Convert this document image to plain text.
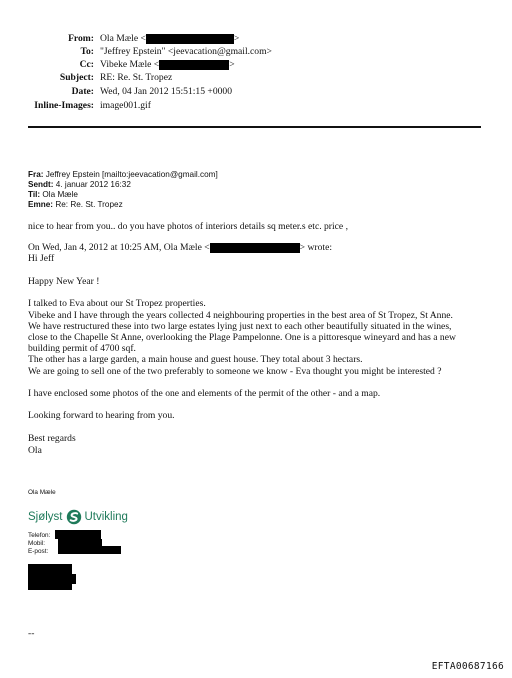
From: Ola Mæle <	>
To: "Jeffrey Epstein" <jeevacation@gmail.com>
Cc: Vibeke Mæle <	>
Subject: RE: Re. St. Tropez
Date: Wed, 04 Jan 2012 15:51:15 +0000
Inline-Images: image001.gif
Fra: Jeffrey Epstein [mailto:jeevacation@gmail.com]
Sendt: 4. januar 2012 16:32
Til: Ola Mæle
Emne: Re: Re. St. Tropez
nice to hear from you.. do you have photos of interiors details sq meter.s etc. price ,
On Wed, Jan 4, 2012 at 10:25 AM, Ola Mæle <	> wrote:
Hi Jeff
Happy New Year !
I talked to Eva about our St Tropez properties.
Vibeke and I have through the years collected 4 neighbouring properties in the best area of St Tropez, St Anne.
We have restructured these into two large estates lying just next to each other beautifully situated in the wines,
close to the Chapelle St Anne, overlooking the Plage Pampelonne. One is a pittoresque wineyard and has a new
building permit of 4700 sqf.
The other has a large garden, a main house and guest house. They total about 3 hectars.
We are going to sell one of the two preferably to someone we know - Eva thought you might be interested ?
I have enclosed some photos of the one and elements of the permit of the other - and a map.
Looking forward to hearing from you.
Best regards
Ola
Ola Mæle
Sjølyst Utvikling
Telefon:
Mobil:
E-post:
--
EFTA00687166
